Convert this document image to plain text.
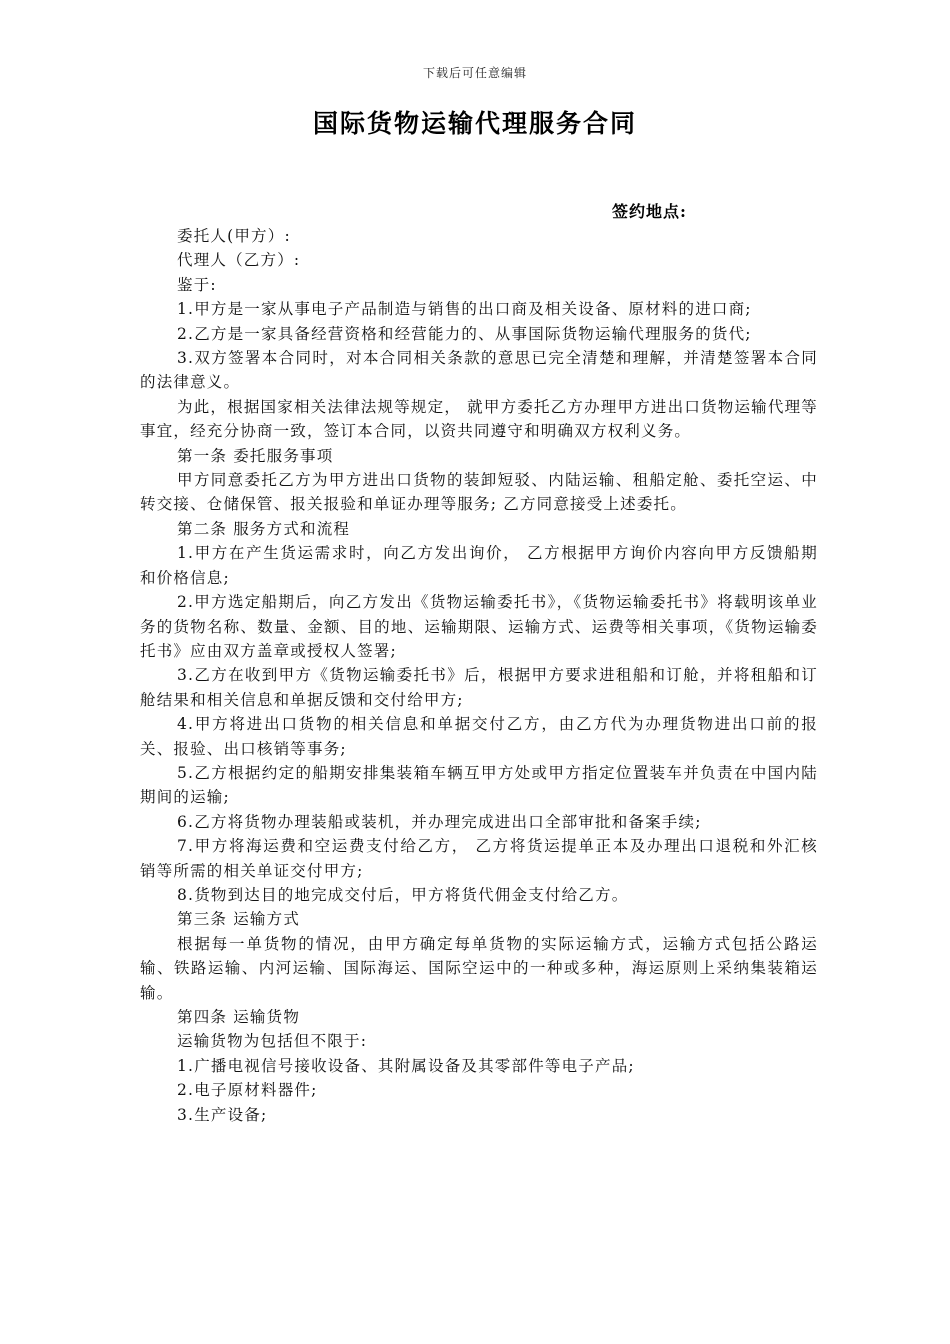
下载后可任意编辑
国际货物运输代理服务合同
签约地点:

委托人(甲方）:

代理人（乙方）:

鉴于:

1.甲方是一家从事电子产品制造与销售的出口商及相关设备、原材料的进口商;

2.乙方是一家具备经营资格和经营能力的、从事国际货物运输代理服务的货代;

3.双方签署本合同时，对本合同相关条款的意思已完全清楚和理解，并清楚签署本合同的法律意义。

为此，根据国家相关法律法规等规定， 就甲方委托乙方办理甲方进出口货物运输代理等事宜，经充分协商一致，签订本合同，以资共同遵守和明确双方权利义务。

第一条 委托服务事项

甲方同意委托乙方为甲方进出口货物的装卸短驳、内陆运输、租船定舱、委托空运、中转交接、仓储保管、报关报验和单证办理等服务; 乙方同意接受上述委托。

第二条 服务方式和流程

1.甲方在产生货运需求时，向乙方发出询价， 乙方根据甲方询价内容向甲方反馈船期和价格信息;

2.甲方选定船期后，向乙方发出《货物运输委托书》，《货物运输委托书》将载明该单业务的货物名称、数量、金额、目的地、运输期限、运输方式、运费等相关事项，《货物运输委托书》应由双方盖章或授权人签署;

3.乙方在收到甲方《货物运输委托书》后，根据甲方要求进租船和订舱，并将租船和订舱结果和相关信息和单据反馈和交付给甲方;

4.甲方将进出口货物的相关信息和单据交付乙方，由乙方代为办理货物进出口前的报关、报验、出口核销等事务;

5.乙方根据约定的船期安排集装箱车辆互甲方处或甲方指定位置装车并负责在中国内陆期间的运输;

6.乙方将货物办理装船或装机，并办理完成进出口全部审批和备案手续;

7.甲方将海运费和空运费支付给乙方， 乙方将货运提单正本及办理出口退税和外汇核销等所需的相关单证交付甲方;

8.货物到达目的地完成交付后，甲方将货代佣金支付给乙方。

第三条 运输方式

根据每一单货物的情况，由甲方确定每单货物的实际运输方式，运输方式包括公路运输、铁路运输、内河运输、国际海运、国际空运中的一种或多种，海运原则上采纳集装箱运输。

第四条 运输货物

运输货物为包括但不限于:

1.广播电视信号接收设备、其附属设备及其零部件等电子产品;

2.电子原材料器件;

3.生产设备;
